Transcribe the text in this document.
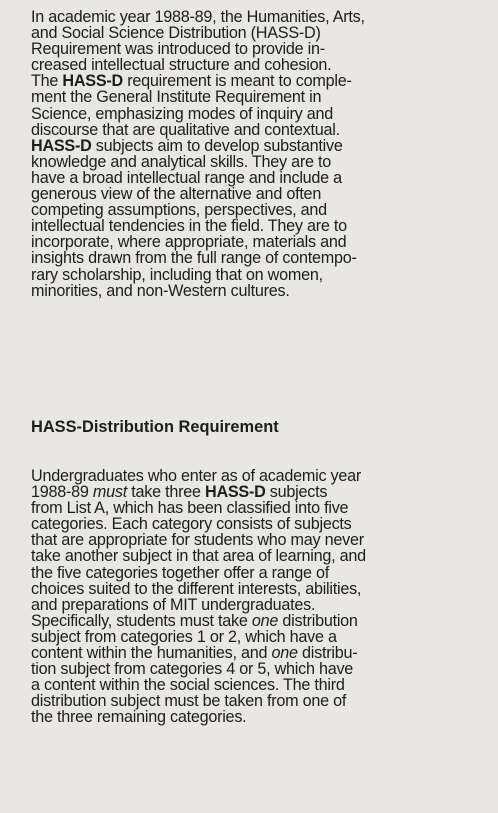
In academic year 1988-89, the Humanities, Arts,
and Social Science Distribution (HASS-D)
Requirement was introduced to provide in-
creased intellectual structure and cohesion.
The HASS-D requirement is meant to comple-
ment the General Institute Requirement in
Science, emphasizing modes of inquiry and
discourse that are qualitative and contextual.
HASS-D subjects aim to develop substantive
knowledge and analytical skills. They are to
have a broad intellectual range and include a
generous view of the alternative and often
competing assumptions, perspectives, and
intellectual tendencies in the field. They are to
incorporate, where appropriate, materials and
insights drawn from the full range of contempo-
rary scholarship, including that on women,
minorities, and non-Western cultures.
HASS-Distribution Requirement
Undergraduates who enter as of academic year
1988-89 must take three HASS-D subjects
from List A, which has been classified into five
categories. Each category consists of subjects
that are appropriate for students who may never
take another subject in that area of learning, and
the five categories together offer a range of
choices suited to the different interests, abilities,
and preparations of MIT undergraduates.
Specifically, students must take one distribution
subject from categories 1 or 2, which have a
content within the humanities, and one distribu-
tion subject from categories 4 or 5, which have
a content within the social sciences. The third
distribution subject must be taken from one of
the three remaining categories.
